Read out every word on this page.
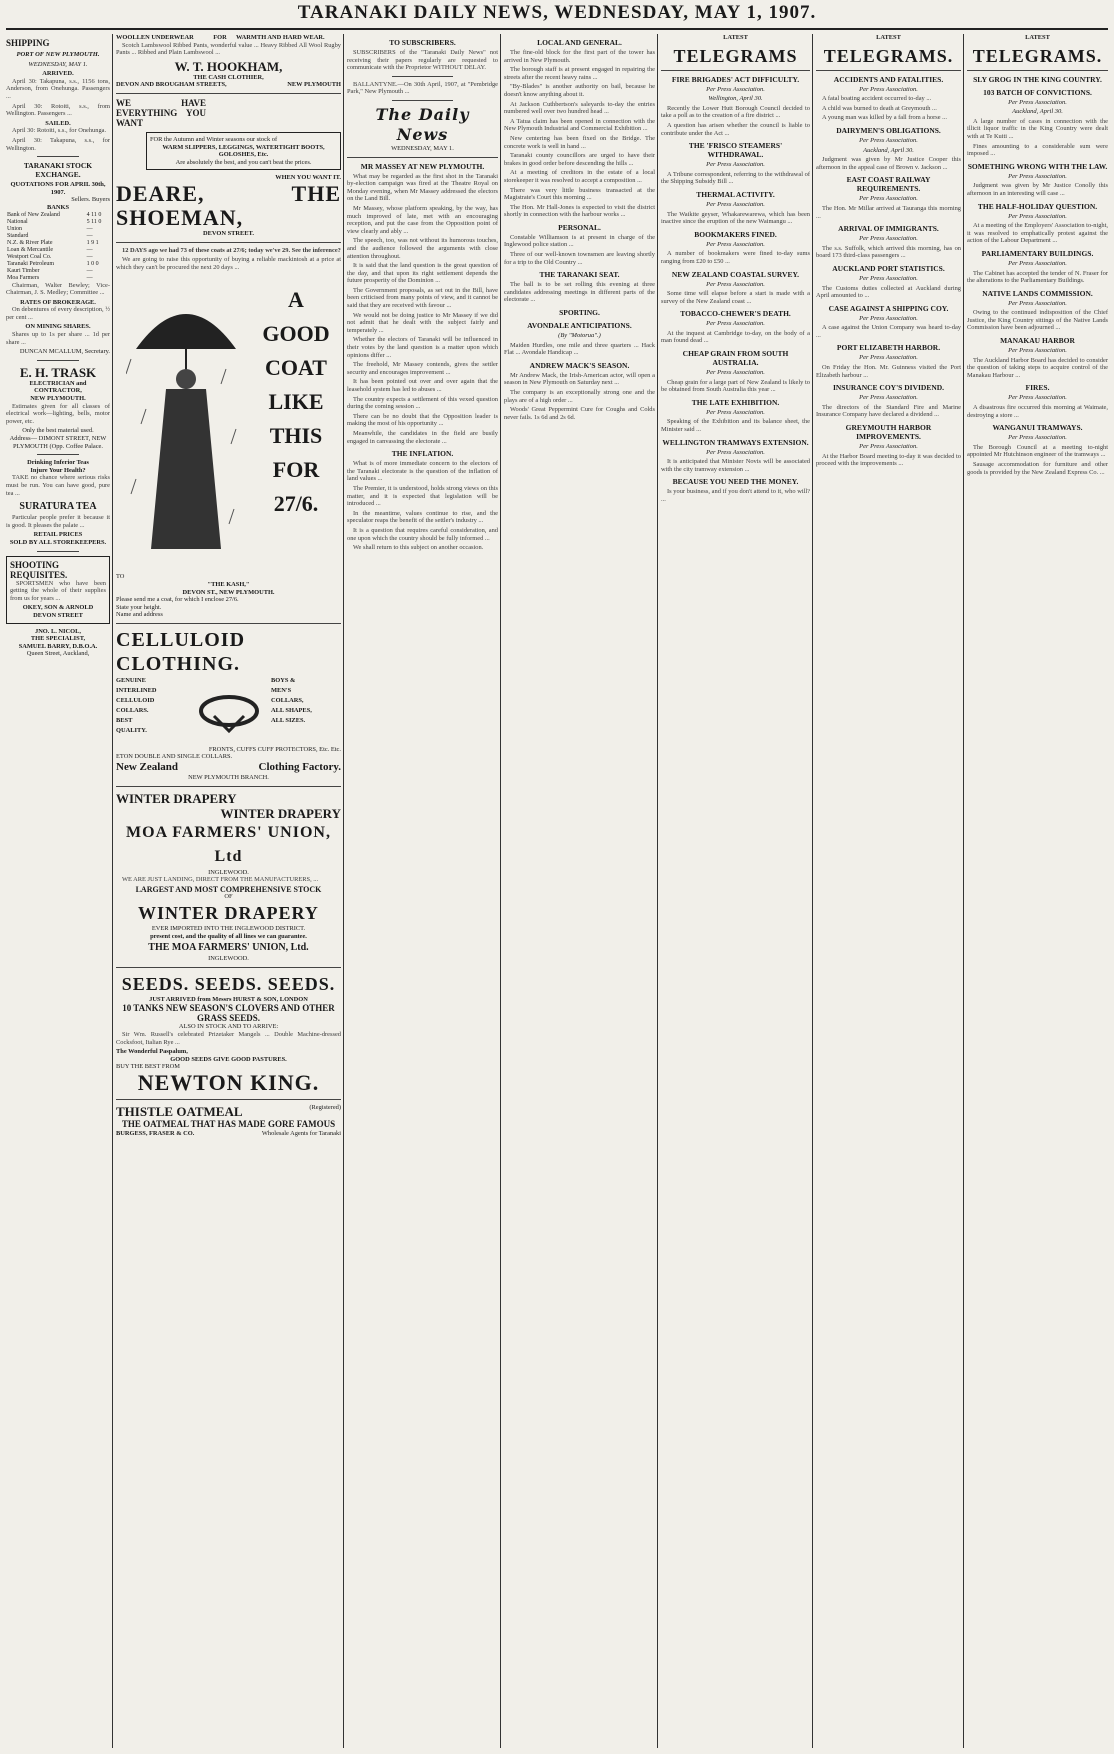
TARANAKI DAILY NEWS, WEDNESDAY, MAY 1, 1907.
SHIPPING
PORT OF NEW PLYMOUTH.
WEDNESDAY, MAY 1.
ARRIVED.

April 30: Takapuna, s.s., 1156 tons, Anderson, from Onehunga. Passengers ...

April 30: Rotoiti, s.s., from Wellington. Passengers ...

SAILED.

April 30: Rotoiti, s.s., for Onehunga.

April 30: Takapuna, s.s., for Wellington.

TARANAKI STOCK EXCHANGE.
QUOTATIONS FOR APRIL 30th, 1907.
Sellers. Buyers
BANKS
Bank of New Zealand	4 11 0
National	5 11 0
Union	—
Standard	—
N.Z. & River Plate	1 9 1
Loan & Mercantile	—
Westport Coal Co.	—
Taranaki Petroleum	1 0 0
Kauri Timber	—
Moa Farmers	—

Chairman, Walter Bewley; Vice-Chairman, J. S. Medley; Committee ...

RATES OF BROKERAGE.

On debentures of every description, ½ per cent ...

ON MINING SHARES.

Shares up to 1s per share ... 1d per share ...

DUNCAN MCALLUM, Secretary.
E. H. TRASK
ELECTRICIAN and CONTRACTOR,
NEW PLYMOUTH.

Estimates given for all classes of electrical work—lighting, bells, motor power, etc.

Only the best material used.
Address— DIMONT STREET, NEW PLYMOUTH (Opp. Coffee Palace.
Drinking Inferior Teas
Injure Your Health?

TAKE no chance where serious risks must be run. You can have good, pure tea ...

SURATURA TEA

Particular people prefer it because it is good. It pleases the palate ...

RETAIL PRICES
SOLD BY ALL STOREKEEPERS.
SHOOTING REQUISITES.

SPORTSMEN who have been getting the whole of their supplies from us for years ...

OKEY, SON & ARNOLD
DEVON STREET
JNO. L. NICOL,
THE SPECIALIST,
SAMUEL BARRY, D.B.O.A.
Queen Street, Auckland,
WOOLLEN UNDERWEAR	FOR	WARMTH AND HARD WEAR.

Scotch Lambswool Ribbed Pants, wonderful value ... Heavy Ribbed All Wool Rugby Pants ... Ribbed and Plain Lambswool ...

W. T. HOOKHAM,
THE CASH CLOTHIER,
DEVON AND BROUGHAM STREETS,	NEW PLYMOUTH
WE HAVE EVERYTHING YOU WANT
FOR the Autumn and Winter seasons our stock of
WARM SLIPPERS, LEGGINGS, WATERTIGHT BOOTS, GOLOSHES, Etc.
Are absolutely the best, and you can't beat the prices.
WHEN YOU WANT IT.
DEARE, THE SHOEMAN,
DEVON STREET.

12 DAYS ago we had 73 of these coats at 27/6; today we've 29. See the inference?

We are going to raise this opportunity of buying a reliable mackintosh at a price at which they can't be procured the next 20 days ...

A
GOOD
COAT
LIKE
THIS
FOR
27/6.
TO
"THE KASH,"
DEVON ST., NEW PLYMOUTH.
Please send me a coat, for which I enclose 27/6.
State your height.
Name and address
CELLULOID CLOTHING.
GENUINE
INTERLINED
CELLULOID
COLLARS.
BEST
QUALITY.
BOYS &
MEN'S
COLLARS,
ALL SHAPES,
ALL SIZES.
FRONTS, CUFFS CUFF PROTECTORS, Etc. Etc.
ETON DOUBLE AND SINGLE COLLARS.
New Zealand	Clothing Factory.
NEW PLYMOUTH BRANCH.
WINTER DRAPERY
WINTER DRAPERY
MOA FARMERS' UNION, Ltd
INGLEWOOD.

WE ARE JUST LANDING, DIRECT FROM THE MANUFACTURERS, ...

LARGEST AND MOST COMPREHENSIVE STOCK
OF
WINTER DRAPERY
EVER IMPORTED INTO THE INGLEWOOD DISTRICT.
present cost, and the quality of all lines we can guarantee.
THE MOA FARMERS' UNION, Ltd.
INGLEWOOD.
SEEDS. SEEDS. SEEDS.
JUST ARRIVED from Messrs HURST & SON, LONDON
10 TANKS NEW SEASON'S CLOVERS AND OTHER GRASS SEEDS.
ALSO IN STOCK AND TO ARRIVE:

Sir Wm. Russell's celebrated Prizetaker Mangels ... Double Machine-dressed Cocksfoot, Italian Rye ...

The Wonderful Paspalum,
GOOD SEEDS GIVE GOOD PASTURES.
BUY THE BEST FROM
NEWTON KING.
THISTLE OATMEAL	(Registered)
THE OATMEAL THAT HAS MADE GORE FAMOUS
BURGESS, FRASER & CO.	Wholesale Agents for Taranaki
TO SUBSCRIBERS.

SUBSCRIBERS of the "Taranaki Daily News" not receiving their papers regularly are requested to communicate with the Proprietor WITHOUT DELAY.

BALLANTYNE.—On 30th April, 1907, at "Pembridge Park," New Plymouth ...

The Daily News
WEDNESDAY, MAY 1.
MR MASSEY AT NEW PLYMOUTH.

What may be regarded as the first shot in the Taranaki by-election campaign was fired at the Theatre Royal on Monday evening, when Mr Massey addressed the electors on the Land Bill.

Mr Massey, whose platform speaking, by the way, has much improved of late, met with an encouraging reception, and put the case from the Opposition point of view clearly and ably ...

The speech, too, was not without its humorous touches, and the audience followed the arguments with close attention throughout.

It is said that the land question is the great question of the day, and that upon its right settlement depends the future prosperity of the Dominion ...

The Government proposals, as set out in the Bill, have been criticised from many points of view, and it cannot be said that they are received with favour ...

We would not be doing justice to Mr Massey if we did not admit that he dealt with the subject fairly and temperately ...

Whether the electors of Taranaki will be influenced in their votes by the land question is a matter upon which opinions differ ...

The freehold, Mr Massey contends, gives the settler security and encourages improvement ...

It has been pointed out over and over again that the leasehold system has led to abuses ...

The country expects a settlement of this vexed question during the coming session ...

There can be no doubt that the Opposition leader is making the most of his opportunity ...

Meanwhile, the candidates in the field are busily engaged in canvassing the electorate ...

THE INFLATION.

What is of more immediate concern to the electors of the Taranaki electorate is the question of the inflation of land values ...

The Premier, it is understood, holds strong views on this matter, and it is expected that legislation will be introduced ...

In the meantime, values continue to rise, and the speculator reaps the benefit of the settler's industry ...

It is a question that requires careful consideration, and one upon which the country should be fully informed ...

We shall return to this subject on another occasion.

LOCAL AND GENERAL.

The fine-old block for the first part of the tower has arrived in New Plymouth.

The borough staff is at present engaged in repairing the streets after the recent heavy rains ...

"By-Blades" is another authority on bail, because he doesn't know anything about it.

At Jackson Cuthbertson's saleyards to-day the entries numbered well over two hundred head ...

A Tatua claim has been opened in connection with the New Plymouth Industrial and Commercial Exhibition ...

New centering has been fixed on the Bridge. The concrete work is well in hand ...

Taranaki county councillors are urged to have their brakes in good order before descending the hills ...

At a meeting of creditors in the estate of a local storekeeper it was resolved to accept a composition ...

There was very little business transacted at the Magistrate's Court this morning ...

The Hon. Mr Hall-Jones is expected to visit the district shortly in connection with the harbour works ...

PERSONAL.

Constable Williamson is at present in charge of the Inglewood police station ...

Three of our well-known townsmen are leaving shortly for a trip to the Old Country ...

THE TARANAKI SEAT.

The ball is to be set rolling this evening at three candidates addressing meetings in different parts of the electorate ...

SPORTING.
AVONDALE ANTICIPATIONS.
(By "Motorua".)

Maiden Hurdles, one mile and three quarters ... Hack Flat ... Avondale Handicap ...

ANDREW MACK'S SEASON.

Mr Andrew Mack, the Irish-American actor, will open a season in New Plymouth on Saturday next ...

The company is an exceptionally strong one and the plays are of a high order ...

Woods' Great Peppermint Cure for Coughs and Colds never fails. 1s 6d and 2s 6d.

LATEST
TELEGRAMS
FIRE BRIGADES' ACT DIFFICULTY.
Per Press Association.
Wellington, April 30.

Recently the Lower Hutt Borough Council decided to take a poll as to the creation of a fire district ...

A question has arisen whether the council is liable to contribute under the Act ...

THE 'FRISCO STEAMERS' WITHDRAWAL.
Per Press Association.

A Tribune correspondent, referring to the withdrawal of the Shipping Subsidy Bill ...

THERMAL ACTIVITY.
Per Press Association.

The Waikite geyser, Whakarewarewa, which has been inactive since the eruption of the new Waimangu ...

BOOKMAKERS FINED.
Per Press Association.

A number of bookmakers were fined to-day sums ranging from £20 to £50 ...

NEW ZEALAND COASTAL SURVEY.
Per Press Association.

Some time will elapse before a start is made with a survey of the New Zealand coast ...

TOBACCO-CHEWER'S DEATH.
Per Press Association.

At the inquest at Cambridge to-day, on the body of a man found dead ...

CHEAP GRAIN FROM SOUTH AUSTRALIA.
Per Press Association.

Cheap grain for a large part of New Zealand is likely to be obtained from South Australia this year ...

THE LATE EXHIBITION.
Per Press Association.

Speaking of the Exhibition and its balance sheet, the Minister said ...

WELLINGTON TRAMWAYS EXTENSION.
Per Press Association.

It is anticipated that Minister Novis will be associated with the city tramway extension ...

BECAUSE YOU NEED THE MONEY.

Is your business, and if you don't attend to it, who will? ...

LATEST
TELEGRAMS.
ACCIDENTS AND FATALITIES.
Per Press Association.

A fatal boating accident occurred to-day ...

A child was burned to death at Greymouth ...

A young man was killed by a fall from a horse ...

DAIRYMEN'S OBLIGATIONS.
Per Press Association.
Auckland, April 30.

Judgment was given by Mr Justice Cooper this afternoon in the appeal case of Brown v. Jackson ...

EAST COAST RAILWAY REQUIREMENTS.
Per Press Association.

The Hon. Mr Millar arrived at Tauranga this morning ...

ARRIVAL OF IMMIGRANTS.
Per Press Association.

The s.s. Suffolk, which arrived this morning, has on board 173 third-class passengers ...

AUCKLAND PORT STATISTICS.
Per Press Association.

The Customs duties collected at Auckland during April amounted to ...

CASE AGAINST A SHIPPING COY.
Per Press Association.

A case against the Union Company was heard to-day ...

PORT ELIZABETH HARBOR.
Per Press Association.

On Friday the Hon. Mr. Guinness visited the Port Elizabeth harbour ...

INSURANCE COY'S DIVIDEND.
Per Press Association.

The directors of the Standard Fire and Marine Insurance Company have declared a dividend ...

GREYMOUTH HARBOR IMPROVEMENTS.
Per Press Association.

At the Harbor Board meeting to-day it was decided to proceed with the improvements ...

LATEST
TELEGRAMS.
SLY GROG IN THE KING COUNTRY.
103 BATCH OF CONVICTIONS.
Per Press Association.
Auckland, April 30.

A large number of cases in connection with the illicit liquor traffic in the King Country were dealt with at Te Kuiti ...

Fines amounting to a considerable sum were imposed ...

SOMETHING WRONG WITH THE LAW.
Per Press Association.

Judgment was given by Mr Justice Conolly this afternoon in an interesting will case ...

THE HALF-HOLIDAY QUESTION.
Per Press Association.

At a meeting of the Employers' Association to-night, it was resolved to emphatically protest against the action of the Labour Department ...

PARLIAMENTARY BUILDINGS.
Per Press Association.

The Cabinet has accepted the tender of N. Fraser for the alterations to the Parliamentary Buildings.

NATIVE LANDS COMMISSION.
Per Press Association.

Owing to the continued indisposition of the Chief Justice, the King Country sittings of the Native Lands Commission have been adjourned ...

MANAKAU HARBOR
Per Press Association.

The Auckland Harbor Board has decided to consider the question of taking steps to acquire control of the Manakau Harbour ...

FIRES.
Per Press Association.

A disastrous fire occurred this morning at Waimate, destroying a store ...

WANGANUI TRAMWAYS.
Per Press Association.

The Borough Council at a meeting to-night appointed Mr Hutchinson engineer of the tramways ...

Sausage accommodation for furniture and other goods is provided by the New Zealand Express Co. ...
